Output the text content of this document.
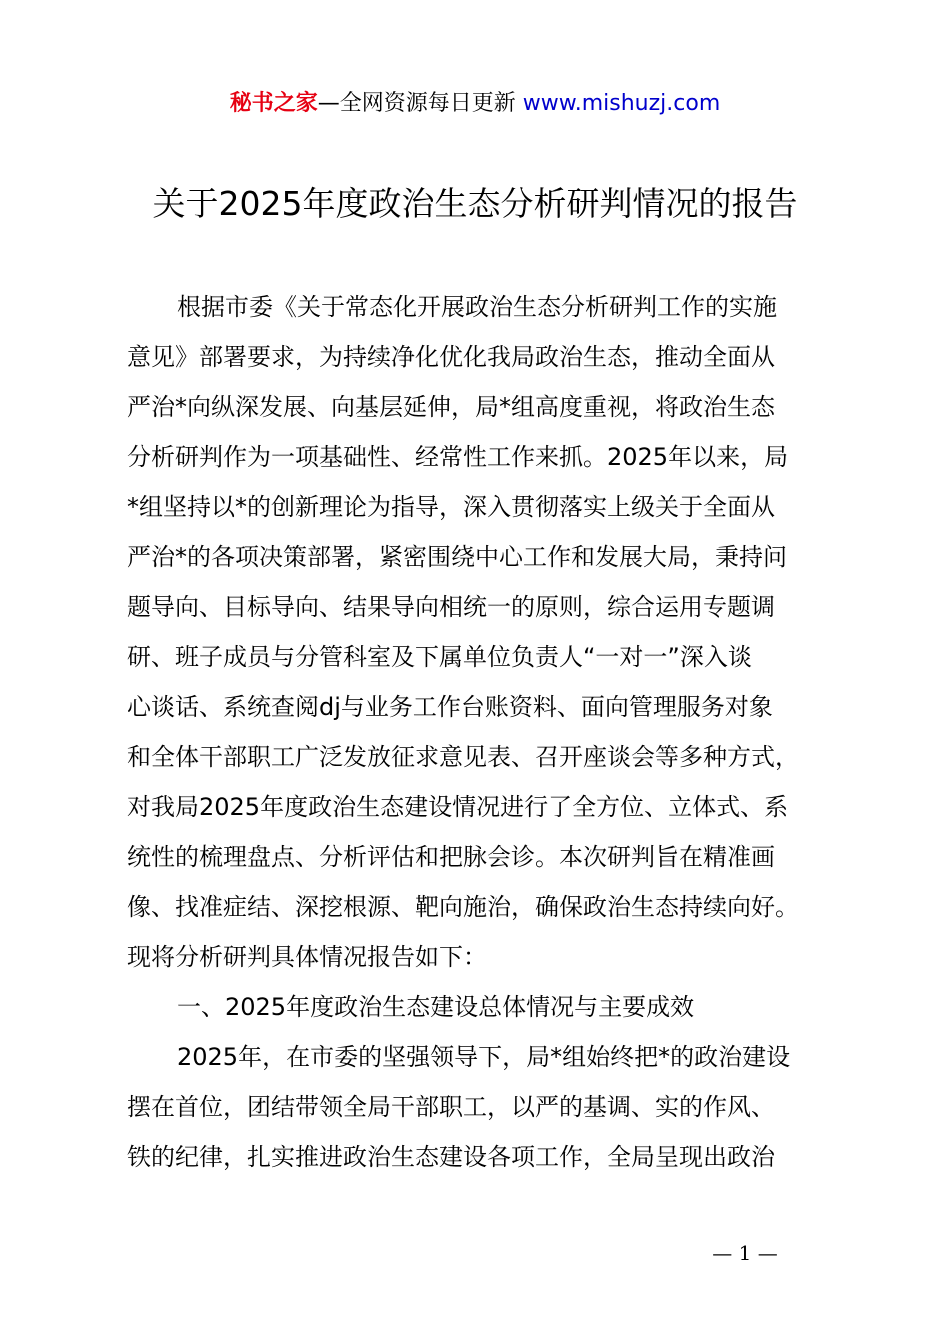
秘书之家—全网资源每日更新 www.mishuzj.com
关于2025年度政治生态分析研判情况的报告
根据市委《关于常态化开展政治生态分析研判工作的实施
意见》部署要求，为持续净化优化我局政治生态，推动全面从
严治*向纵深发展、向基层延伸，局*组高度重视，将政治生态
分析研判作为一项基础性、经常性工作来抓。2025年以来，局
*组坚持以*的创新理论为指导，深入贯彻落实上级关于全面从
严治*的各项决策部署，紧密围绕中心工作和发展大局，秉持问
题导向、目标导向、结果导向相统一的原则，综合运用专题调
研、班子成员与分管科室及下属单位负责人“一对一”深入谈
心谈话、系统查阅dj与业务工作台账资料、面向管理服务对象
和全体干部职工广泛发放征求意见表、召开座谈会等多种方式，
对我局2025年度政治生态建设情况进行了全方位、立体式、系
统性的梳理盘点、分析评估和把脉会诊。本次研判旨在精准画
像、找准症结、深挖根源、靶向施治，确保政治生态持续向好。
现将分析研判具体情况报告如下：
一、2025年度政治生态建设总体情况与主要成效
2025年，在市委的坚强领导下，局*组始终把*的政治建设
摆在首位，团结带领全局干部职工，以严的基调、实的作风、
铁的纪律，扎实推进政治生态建设各项工作，全局呈现出政治
— 1 —
